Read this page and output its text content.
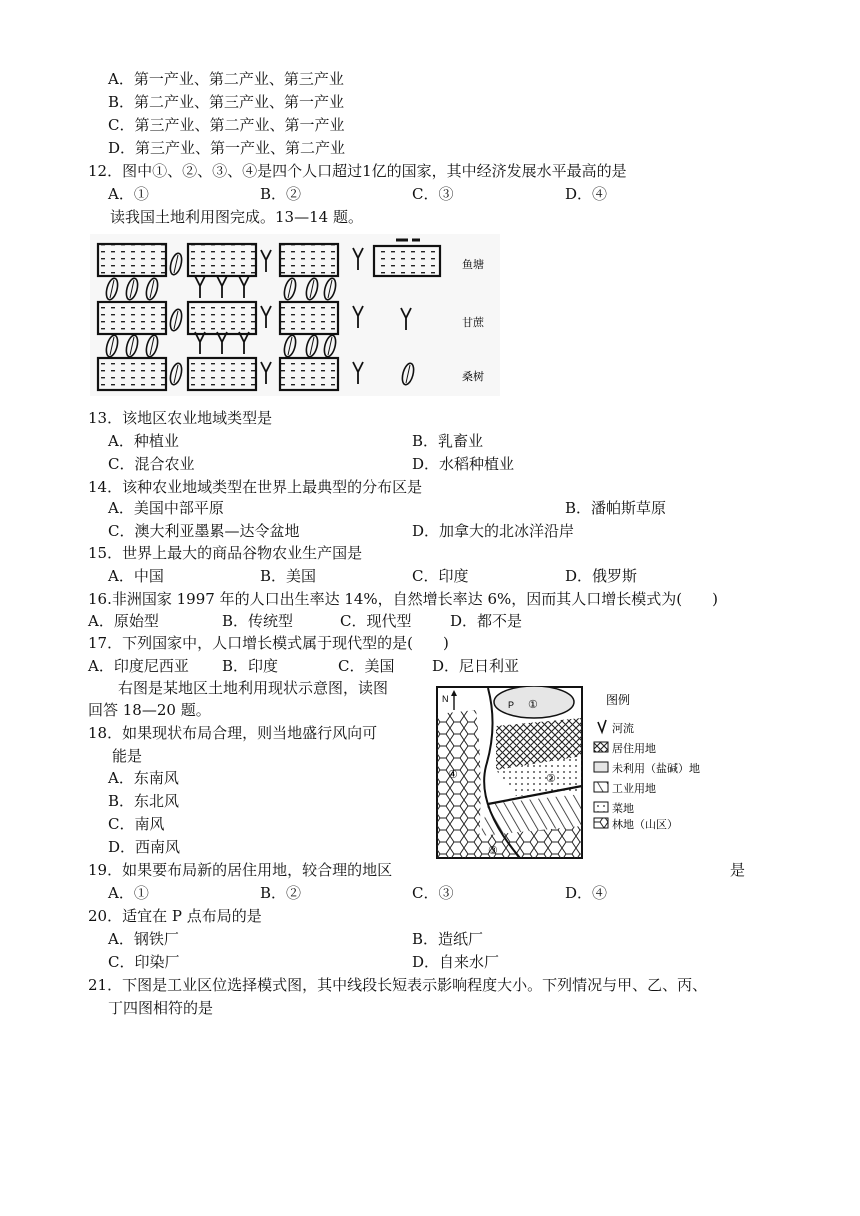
A．第一产业、第二产业、第三产业
B．第二产业、第三产业、第一产业
C．第三产业、第二产业、第一产业
D．第三产业、第一产业、第二产业
12．图中①、②、③、④是四个人口超过1亿的国家，其中经济发展水平最高的是
A．①	B．②	C．③	D．④
读我国土地利用图完成。13—14 题。
鱼塘
甘蔗
桑树
13．该地区农业地域类型是
A．种植业	B．乳畜业
C．混合农业	D．水稻种植业
14．该种农业地域类型在世界上最典型的分布区是
A．美国中部平原	B．潘帕斯草原
C．澳大利亚墨累—达令盆地	D．加拿大的北冰洋沿岸
15．世界上最大的商品谷物农业生产国是
A．中国	B．美国	C．印度	D．俄罗斯
16.非洲国家 1997 年的人口出生率达 14%，自然增长率达 6%，因而其人口增长模式为(　　)
A．原始型	B．传统型	C．现代型	D．都不是
17．下列国家中，人口增长模式属于现代型的是(　　)
A．印度尼西亚 B．印度	C．美国	D．尼日利亚
右图是某地区土地利用现状示意图，读图
回答 18—20 题。
18．如果现状布局合理，则当地盛行风向可
能是
A．东南风
B．东北风
C．南风
D．西南风
N
P ①
②
③
④
图例
河流
居住用地
未利用（盐碱）地
工业用地
菜地
林地（山区）
19．如果要布局新的居住用地，较合理的地区	是
A．①	B．②	C．③	D．④
20．适宜在 P 点布局的是
A．钢铁厂	B．造纸厂
C．印染厂	D．自来水厂
21．下图是工业区位选择模式图，其中线段长短表示影响程度大小。下列情况与甲、乙、丙、
丁四图相符的是
